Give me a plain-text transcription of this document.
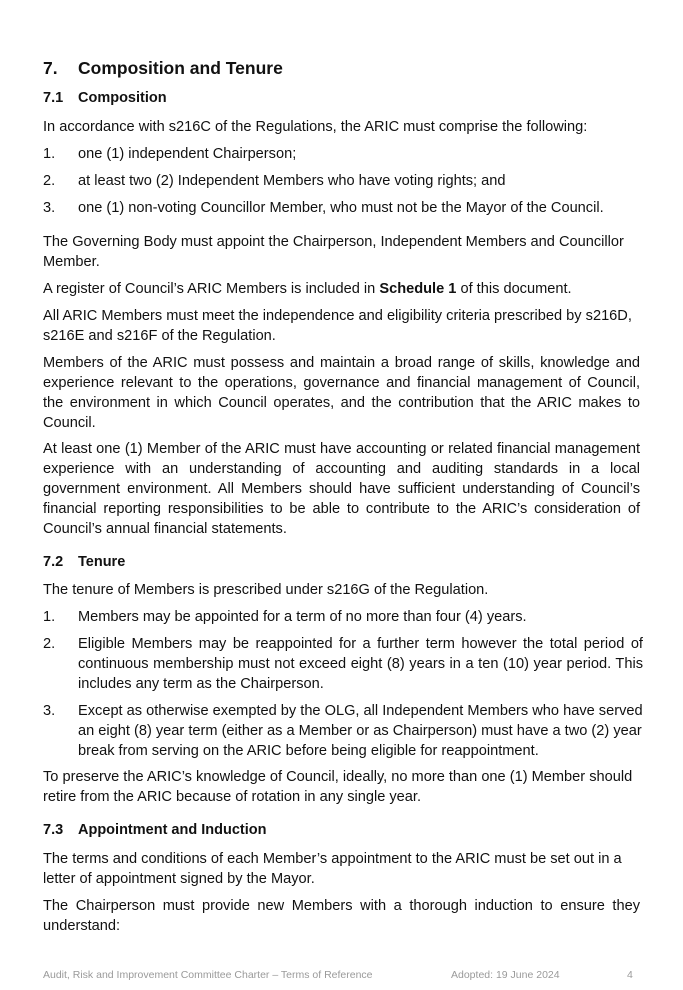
7. Composition and Tenure
7.1 Composition
In accordance with s216C of the Regulations, the ARIC must comprise the following:
1. one (1) independent Chairperson;
2. at least two (2) Independent Members who have voting rights; and
3. one (1) non-voting Councillor Member, who must not be the Mayor of the Council.
The Governing Body must appoint the Chairperson, Independent Members and Councillor Member.
A register of Council’s ARIC Members is included in Schedule 1 of this document.
All ARIC Members must meet the independence and eligibility criteria prescribed by s216D, s216E and s216F of the Regulation.
Members of the ARIC must possess and maintain a broad range of skills, knowledge and experience relevant to the operations, governance and financial management of Council, the environment in which Council operates, and the contribution that the ARIC makes to Council.
At least one (1) Member of the ARIC must have accounting or related financial management experience with an understanding of accounting and auditing standards in a local government environment. All Members should have sufficient understanding of Council’s financial reporting responsibilities to be able to contribute to the ARIC’s consideration of Council’s annual financial statements.
7.2 Tenure
The tenure of Members is prescribed under s216G of the Regulation.
1. Members may be appointed for a term of no more than four (4) years.
2. Eligible Members may be reappointed for a further term however the total period of continuous membership must not exceed eight (8) years in a ten (10) year period. This includes any term as the Chairperson.
3. Except as otherwise exempted by the OLG, all Independent Members who have served an eight (8) year term (either as a Member or as Chairperson) must have a two (2) year break from serving on the ARIC before being eligible for reappointment.
To preserve the ARIC’s knowledge of Council, ideally, no more than one (1) Member should retire from the ARIC because of rotation in any single year.
7.3 Appointment and Induction
The terms and conditions of each Member’s appointment to the ARIC must be set out in a letter of appointment signed by the Mayor.
The Chairperson must provide new Members with a thorough induction to ensure they understand:
Audit, Risk and Improvement Committee Charter – Terms of Reference	Adopted: 19 June 2024	4
